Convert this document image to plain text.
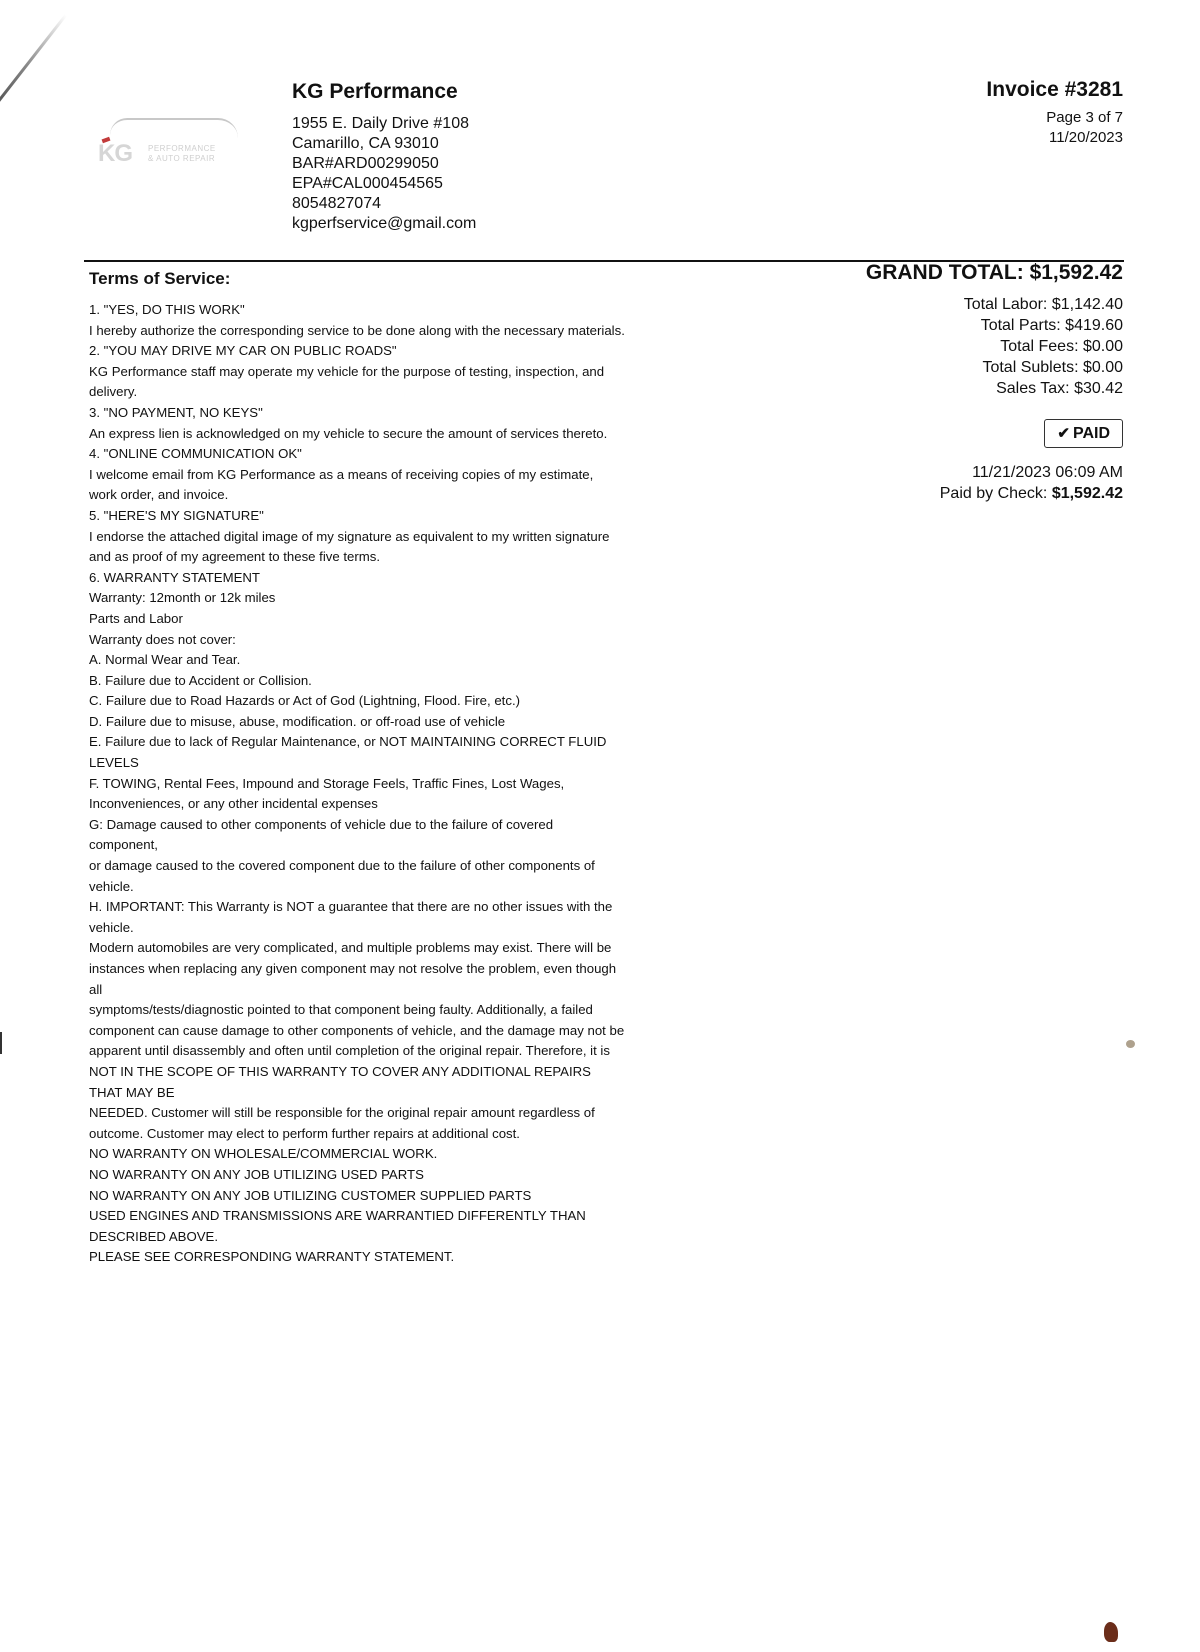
KG PERFORMANCE
& AUTO REPAIR
KG Performance
1955 E. Daily Drive #108
Camarillo, CA 93010
BAR#ARD00299050
EPA#CAL000454565
8054827074
kgperfservice@gmail.com
Invoice #3281
Page 3 of 7
11/20/2023
Terms of Service:
1. "YES, DO THIS WORK"
I hereby authorize the corresponding service to be done along with the necessary materials.
2. "YOU MAY DRIVE MY CAR ON PUBLIC ROADS"
KG Performance staff may operate my vehicle for the purpose of testing, inspection, and
delivery.
3. "NO PAYMENT, NO KEYS"
An express lien is acknowledged on my vehicle to secure the amount of services thereto.
4. "ONLINE COMMUNICATION OK"
I welcome email from KG Performance as a means of receiving copies of my estimate,
work order, and invoice.
5. "HERE'S MY SIGNATURE"
I endorse the attached digital image of my signature as equivalent to my written signature
and as proof of my agreement to these five terms.
6. WARRANTY STATEMENT
Warranty: 12month or 12k miles
Parts and Labor
Warranty does not cover:
A. Normal Wear and Tear.
B. Failure due to Accident or Collision.
C. Failure due to Road Hazards or Act of God (Lightning, Flood. Fire, etc.)
D. Failure due to misuse, abuse, modification. or off-road use of vehicle
E. Failure due to lack of Regular Maintenance, or NOT MAINTAINING CORRECT FLUID
LEVELS
F. TOWING, Rental Fees, Impound and Storage Feels, Traffic Fines, Lost Wages,
Inconveniences, or any other incidental expenses
G: Damage caused to other components of vehicle due to the failure of covered
component,
or damage caused to the covered component due to the failure of other components of
vehicle.
H. IMPORTANT: This Warranty is NOT a guarantee that there are no other issues with the
vehicle.
Modern automobiles are very complicated, and multiple problems may exist. There will be
instances when replacing any given component may not resolve the problem, even though
all
symptoms/tests/diagnostic pointed to that component being faulty. Additionally, a failed
component can cause damage to other components of vehicle, and the damage may not be
apparent until disassembly and often until completion of the original repair. Therefore, it is
NOT IN THE SCOPE OF THIS WARRANTY TO COVER ANY ADDITIONAL REPAIRS
THAT MAY BE
NEEDED. Customer will still be responsible for the original repair amount regardless of
outcome. Customer may elect to perform further repairs at additional cost.
NO WARRANTY ON WHOLESALE/COMMERCIAL WORK.
NO WARRANTY ON ANY JOB UTILIZING USED PARTS
NO WARRANTY ON ANY JOB UTILIZING CUSTOMER SUPPLIED PARTS
USED ENGINES AND TRANSMISSIONS ARE WARRANTIED DIFFERENTLY THAN
DESCRIBED ABOVE.
PLEASE SEE CORRESPONDING WARRANTY STATEMENT.
GRAND TOTAL: $1,592.42
Total Labor: $1,142.40
Total Parts: $419.60
Total Fees: $0.00
Total Sublets: $0.00
Sales Tax: $30.42
✔ PAID
11/21/2023 06:09 AM
Paid by Check: $1,592.42
